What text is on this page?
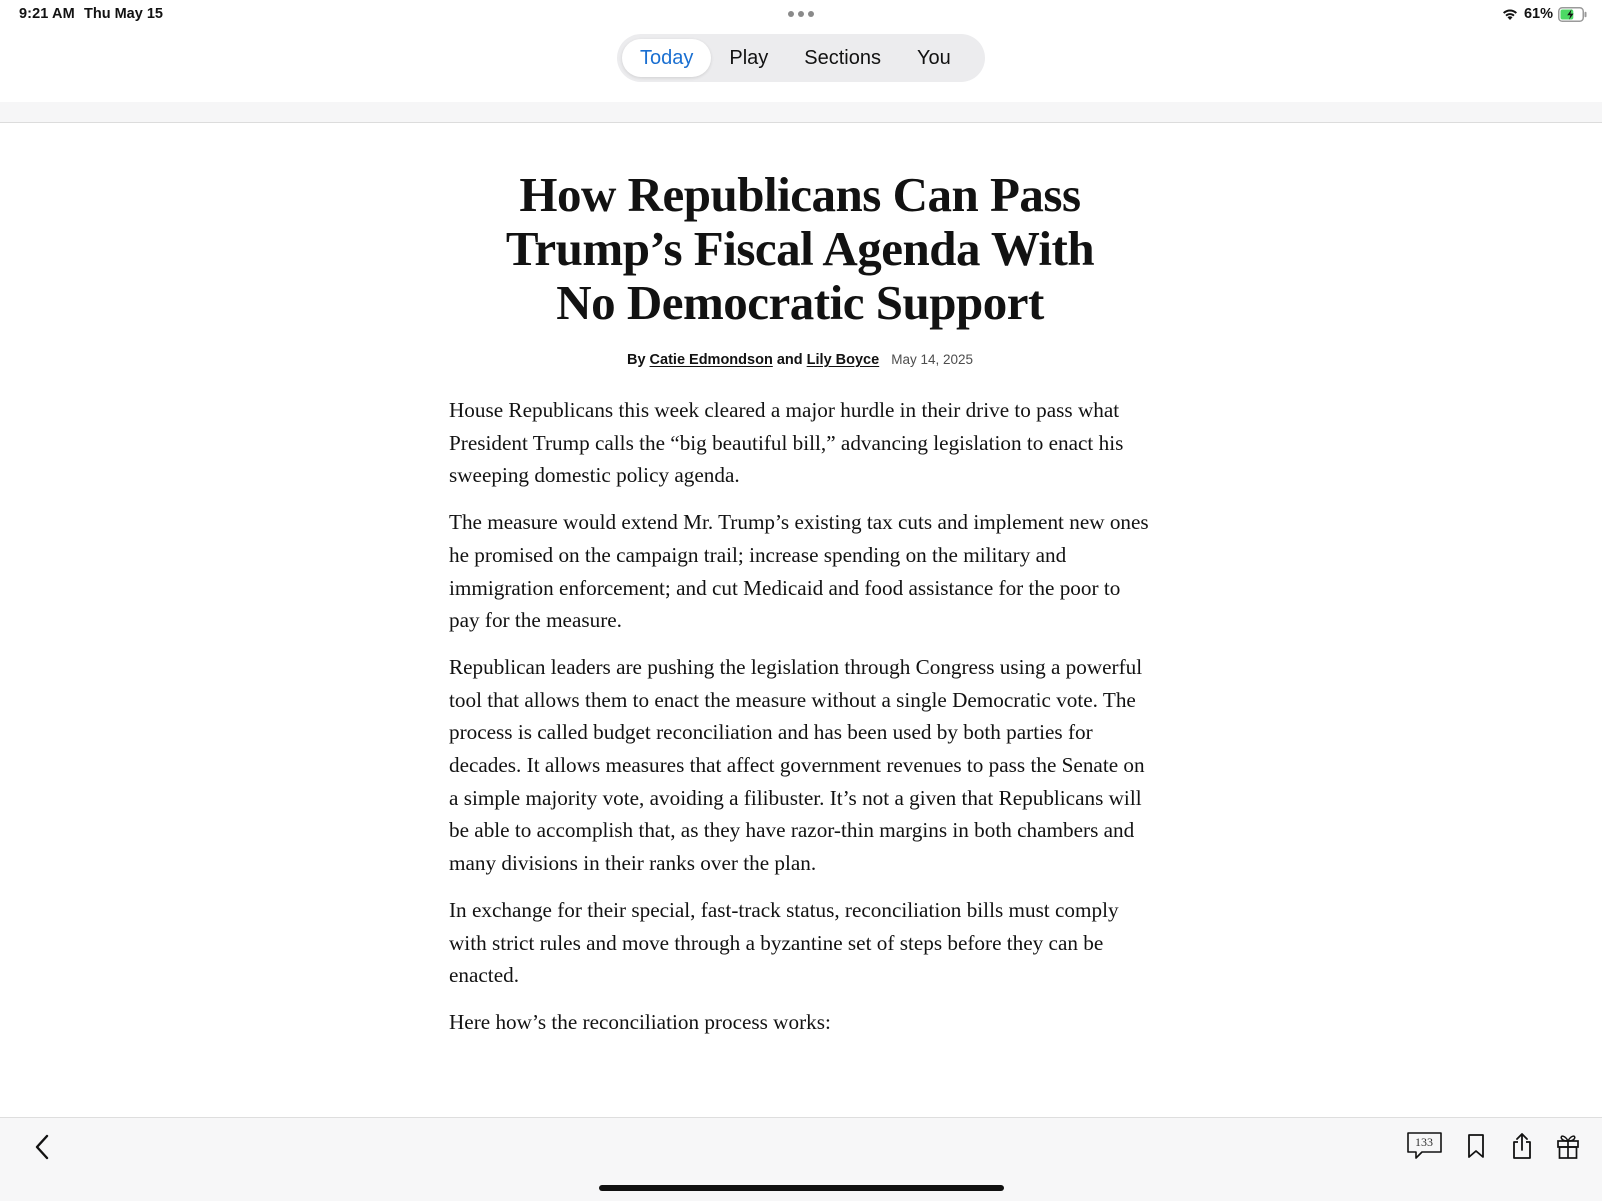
9:21 AM Thu May 15	61%
Today	Play	Sections	You
How Republicans Can Pass
Trump’s Fiscal Agenda With
No Democratic Support
By Catie Edmondson and Lily Boyce May 14, 2025

House Republicans this week cleared a major hurdle in their drive to pass what President Trump calls the “big beautiful bill,” advancing legislation to enact his sweeping domestic policy agenda.

The measure would extend Mr. Trump’s existing tax cuts and implement new ones he promised on the campaign trail; increase spending on the military and immigration enforcement; and cut Medicaid and food assistance for the poor to pay for the measure.

Republican leaders are pushing the legislation through Congress using a powerful tool that allows them to enact the measure without a single Democratic vote. The process is called budget reconciliation and has been used by both parties for decades. It allows measures that affect government revenues to pass the Senate on a simple majority vote, avoiding a filibuster. It’s not a given that Republicans will be able to accomplish that, as they have razor-thin margins in both chambers and many divisions in their ranks over the plan.

In exchange for their special, fast-track status, reconciliation bills must comply with strict rules and move through a byzantine set of steps before they can be enacted.

Here how’s the reconciliation process works:

133
